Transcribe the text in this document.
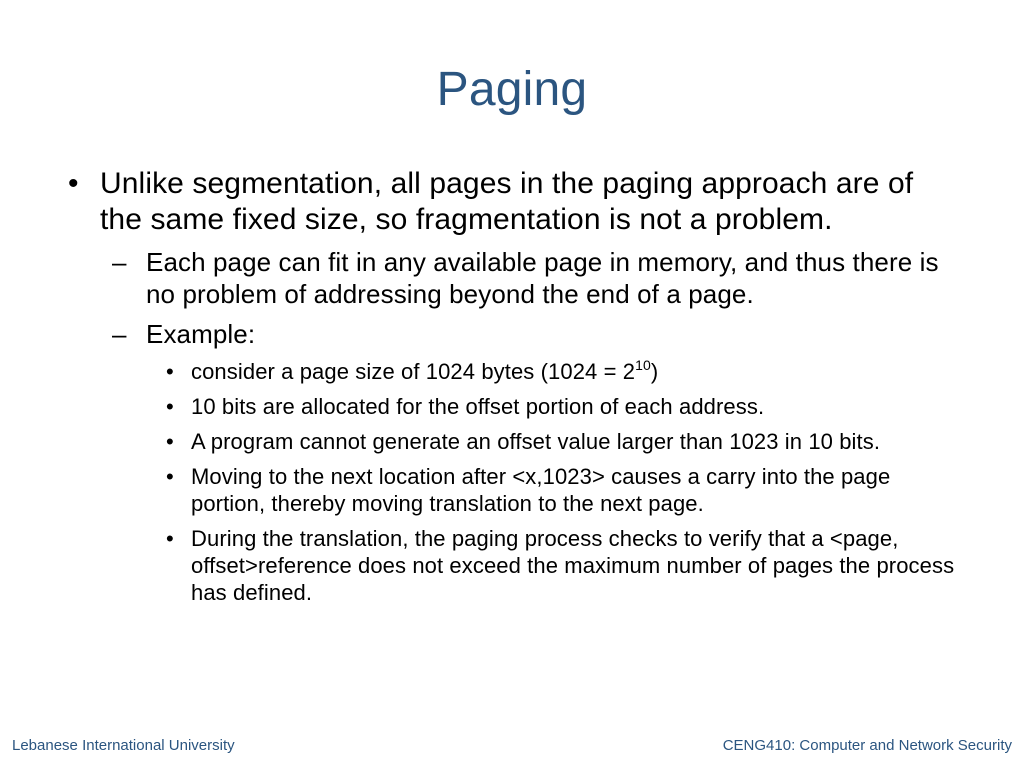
Paging
• Unlike segmentation, all pages in the paging approach are of the same fixed size, so fragmentation is not a problem.
– Each page can fit in any available page in memory, and thus there is no problem of addressing beyond the end of a page.
– Example:
• consider a page size of 1024 bytes $(1024 = 2^{10})$
• 10 bits are allocated for the offset portion of each address.
• A program cannot generate an offset value larger than 1023 in 10 bits.
• Moving to the next location after <x,1023> causes a carry into the page portion, thereby moving translation to the next page.
• During the translation, the paging process checks to verify that a <page, offset>reference does not exceed the maximum number of pages the process has defined.
Lebanese International University	CENG410: Computer and Network Security
